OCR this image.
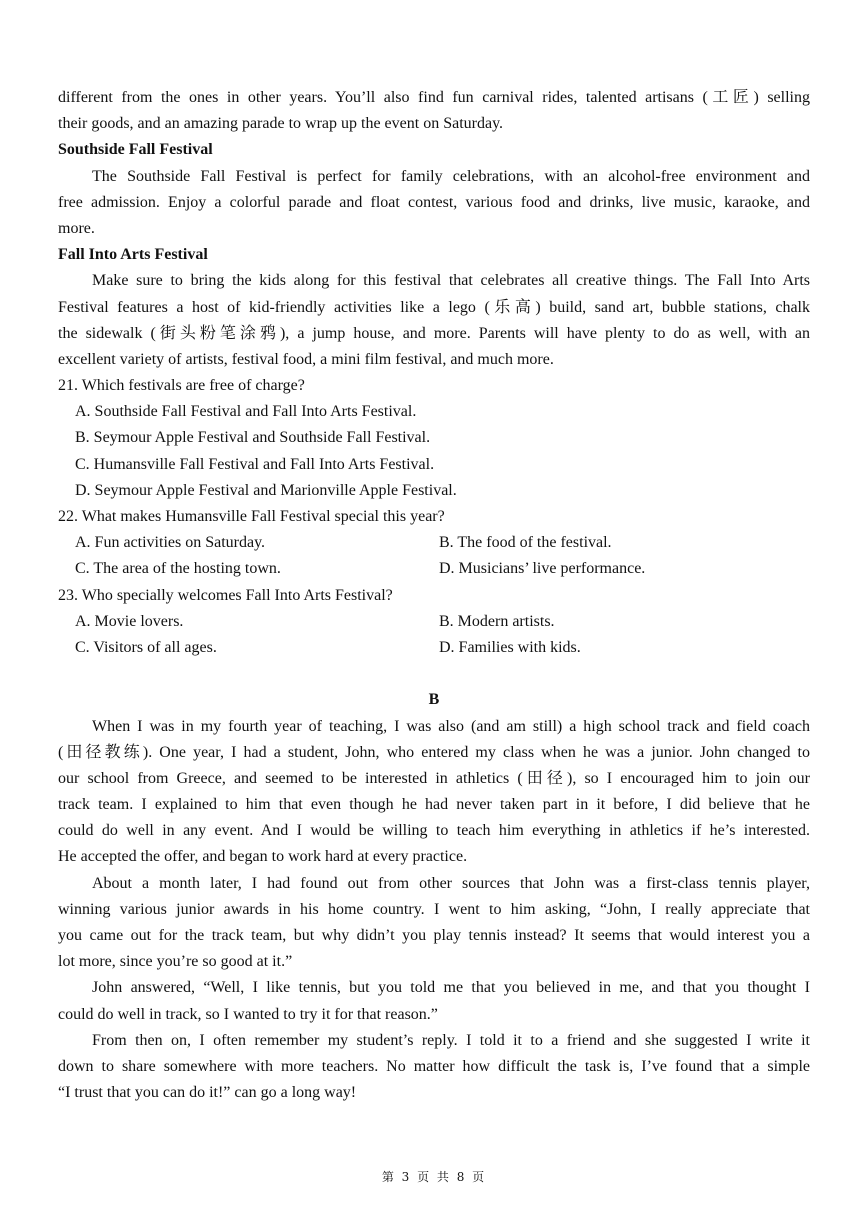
different from the ones in other years. You’ll also find fun carnival rides, talented artisans (工匠) selling
their goods, and an amazing parade to wrap up the event on Saturday.
Southside Fall Festival
The Southside Fall Festival is perfect for family celebrations, with an alcohol-free environment and
free admission. Enjoy a colorful parade and float contest, various food and drinks, live music, karaoke, and
more.
Fall Into Arts Festival
Make sure to bring the kids along for this festival that celebrates all creative things. The Fall Into Arts
Festival features a host of kid-friendly activities like a lego (乐高) build, sand art, bubble stations, chalk
the sidewalk (街头粉笔涂鸦), a jump house, and more. Parents will have plenty to do as well, with an
excellent variety of artists, festival food, a mini film festival, and much more.
21. Which festivals are free of charge?
A. Southside Fall Festival and Fall Into Arts Festival.
B. Seymour Apple Festival and Southside Fall Festival.
C. Humansville Fall Festival and Fall Into Arts Festival.
D. Seymour Apple Festival and Marionville Apple Festival.
22. What makes Humansville Fall Festival special this year?
A. Fun activities on Saturday.	B. The food of the festival.
C. The area of the hosting town.	D. Musicians’ live performance.
23. Who specially welcomes Fall Into Arts Festival?
A. Movie lovers.	B. Modern artists.
C. Visitors of all ages.	D. Families with kids.
B
When I was in my fourth year of teaching, I was also (and am still) a high school track and field coach
(田径教练). One year, I had a student, John, who entered my class when he was a junior. John changed to
our school from Greece, and seemed to be interested in athletics (田径), so I encouraged him to join our
track team. I explained to him that even though he had never taken part in it before, I did believe that he
could do well in any event. And I would be willing to teach him everything in athletics if he’s interested.
He accepted the offer, and began to work hard at every practice.
About a month later, I had found out from other sources that John was a first-class tennis player,
winning various junior awards in his home country. I went to him asking, “John, I really appreciate that
you came out for the track team, but why didn’t you play tennis instead? It seems that would interest you a
lot more, since you’re so good at it.”
John answered, “Well, I like tennis, but you told me that you believed in me, and that you thought I
could do well in track, so I wanted to try it for that reason.”
From then on, I often remember my student’s reply. I told it to a friend and she suggested I write it
down to share somewhere with more teachers. No matter how difficult the task is, I’ve found that a simple
“I trust that you can do it!” can go a long way!
第 3 页 共 8 页
